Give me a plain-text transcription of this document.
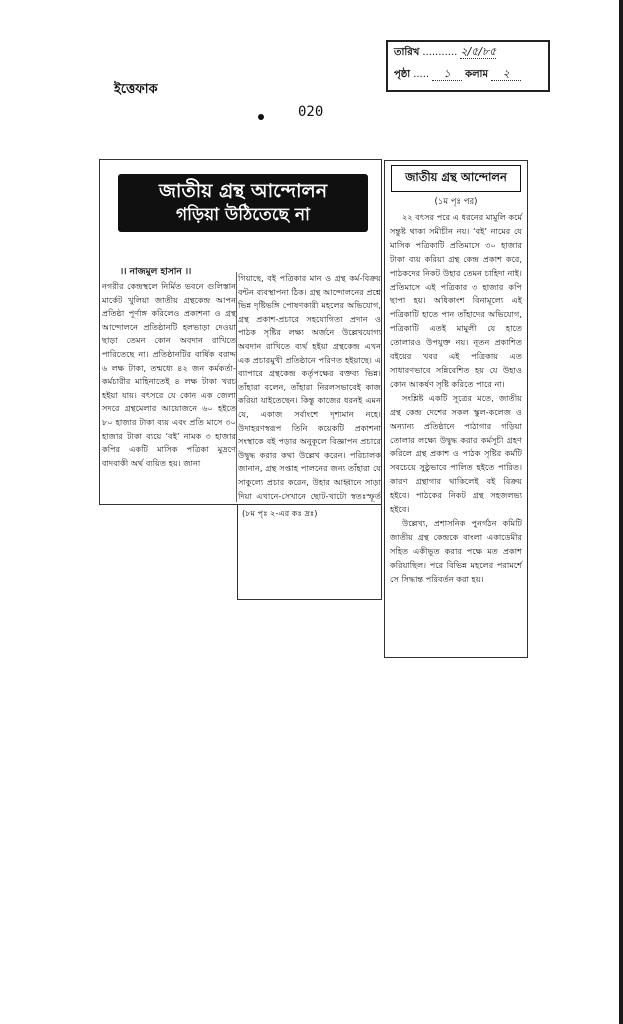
তারিখ ........... ২/৫/৮৫
পৃষ্ঠা .....	১	কলাম	২
ইত্তেফাক
020
জাতীয় গ্রন্থ আন্দোলন
গড়িয়া উঠিতেছে না
।। নাজমুল হাসান ।।
নগরীর কেন্দ্রস্থলে নির্মিত ভবনে গুলিস্তান মার্কেট খুলিয়া জাতীয় গ্রন্থকেন্দ্র আপন প্রতিষ্ঠা পূর্ণাঙ্গ করিলেও প্রকাশনা ও গ্রন্থ আন্দোলনে প্রতিষ্ঠানটি হলভাড়া দেওয়া ছাড়া তেমন কোন অবদান রাখিতে পারিতেছে না। প্রতিষ্ঠানটির বার্ষিক বরাদ্দ ৬ লক্ষ টাকা, তন্মধ্যে ৪২ জন কর্মকর্তা-কর্মচারীর মাহিনাতেই ৪ লক্ষ টাকা খরচ হইয়া যায়। বৎসরে যে কোন এক জেলা সদরে গ্রন্থমেলার আয়োজনে ৬০ হইতে ৮০ হাজার টাকা ব্যয় এবং প্রতি মাসে ৩০ হাজার টাকা ব্যয়ে ‘বই’ নামক ৩ হাজার কপির একটি মাসিক পত্রিকা মুদ্রণে বাদবাকী অর্থ ব্যয়িত হয়। জানা
গিয়াছে, বই পত্রিকার মান ও গ্রন্থ কর্ম-বিক্রয় বন্টন ব্যবস্থাপনা ঠিক। গ্রন্থ আন্দোলনের প্রশ্নে ভিন্ন দৃষ্টিভঙ্গি পোষণকারী মহলের অভিযোগ, গ্রন্থ প্রকাশ-প্রচারে সহযোগিতা প্রদান ও পাঠক সৃষ্টির লক্ষ্য অর্জনে উল্লেখযোগ্য অবদান রাখিতে ব্যর্থ হইয়া গ্রন্থকেন্দ্র এখন এক প্রচারমুখী প্রতিষ্ঠানে পরিণত হইয়াছে। এ ব্যাপারে গ্রন্থকেন্দ্র কর্তৃপক্ষের বক্তব্য ভিন্ন। তাঁহারা বলেন, তাঁহারা নিরলসভাবেই কাজ করিয়া যাইতেছেন। কিন্তু কাজের ধরনই এমন যে, একাজ সর্বাংশে দৃশ্যমান নহে। উদাহরণস্বরূপ তিনি কয়েকটি প্রকাশনা সংস্থাকে বই পড়ার অনুকূলে বিজ্ঞাপন প্রচারে উদ্বুদ্ধ করার কথা উল্লেখ করেন। পরিচালক জানান, গ্রন্থ সপ্তাহ পালনের জন্য তাঁহারা যে সাকুল্যে প্রচার করেন, উহার আহ্বানে সাড়া দিয়া এখানে-সেখানে ছোট-খাটো স্বতঃস্ফূর্ত
(৮ম পৃঃ ২-এর কঃ দ্রঃ)
জাতীয় গ্রন্থ আন্দোলন
(১ম পৃঃ পর)

২২ বৎসর পরে এ ধরনের মামুলি কর্মে সন্তুষ্ট থাকা সমীচীন নয়। ‘বই’ নামের যে মাসিক পত্রিকাটি প্রতিমাসে ৩০ হাজার টাকা ব্যয় করিয়া গ্রন্থ কেন্দ্র প্রকাশ করে, পাঠকদের নিকট উহার তেমন চাহিদা নাই। প্রতিমাসে এই পত্রিকার ৩ হাজার কপি ছাপা হয়। অধিকাংশ বিনামূল্যে এই পত্রিকাটি হাতে পান তাঁহাদের অভিযোগ, পত্রিকাটি এতই মামুলী যে হাতে তোলারও উপযুক্ত নয়। নূতন প্রকাশিত বইয়ের খবর এই পত্রিকায় এত সাধারণভাবে সন্নিবেশিত হয় যে উহাও কোন আকর্ষণ সৃষ্টি করিতে পারে না।

সংশ্লিষ্ট একটি সূত্রের মতে, জাতীয় গ্রন্থ কেন্দ্র দেশের সকল স্কুল-কলেজ ও অন্যান্য প্রতিষ্ঠানে পাঠাগার গড়িয়া তোলার লক্ষ্যে উদ্বুদ্ধ করার কর্মসূচী গ্রহণ করিলে গ্রন্থ প্রকাশ ও পাঠক সৃষ্টির কর্মটি সবচেয়ে সুষ্ঠুভাবে পালিত হইতে পারিত। কারণ গ্রন্থাগার থাকিলেই বই বিক্রয় হইবে। পাঠকের নিকট গ্রন্থ সহজলভ্য হইবে।

উল্লেখ্য, প্রশাসনিক পুনর্গঠন কমিটি জাতীয় গ্রন্থ কেন্দ্রকে বাংলা একাডেমীর সহিত একীভূত করার পক্ষে মত প্রকাশ করিয়াছিল। পরে বিভিন্ন মহলের পরামর্শে সে সিদ্ধান্ত পরিবর্তন করা হয়।
